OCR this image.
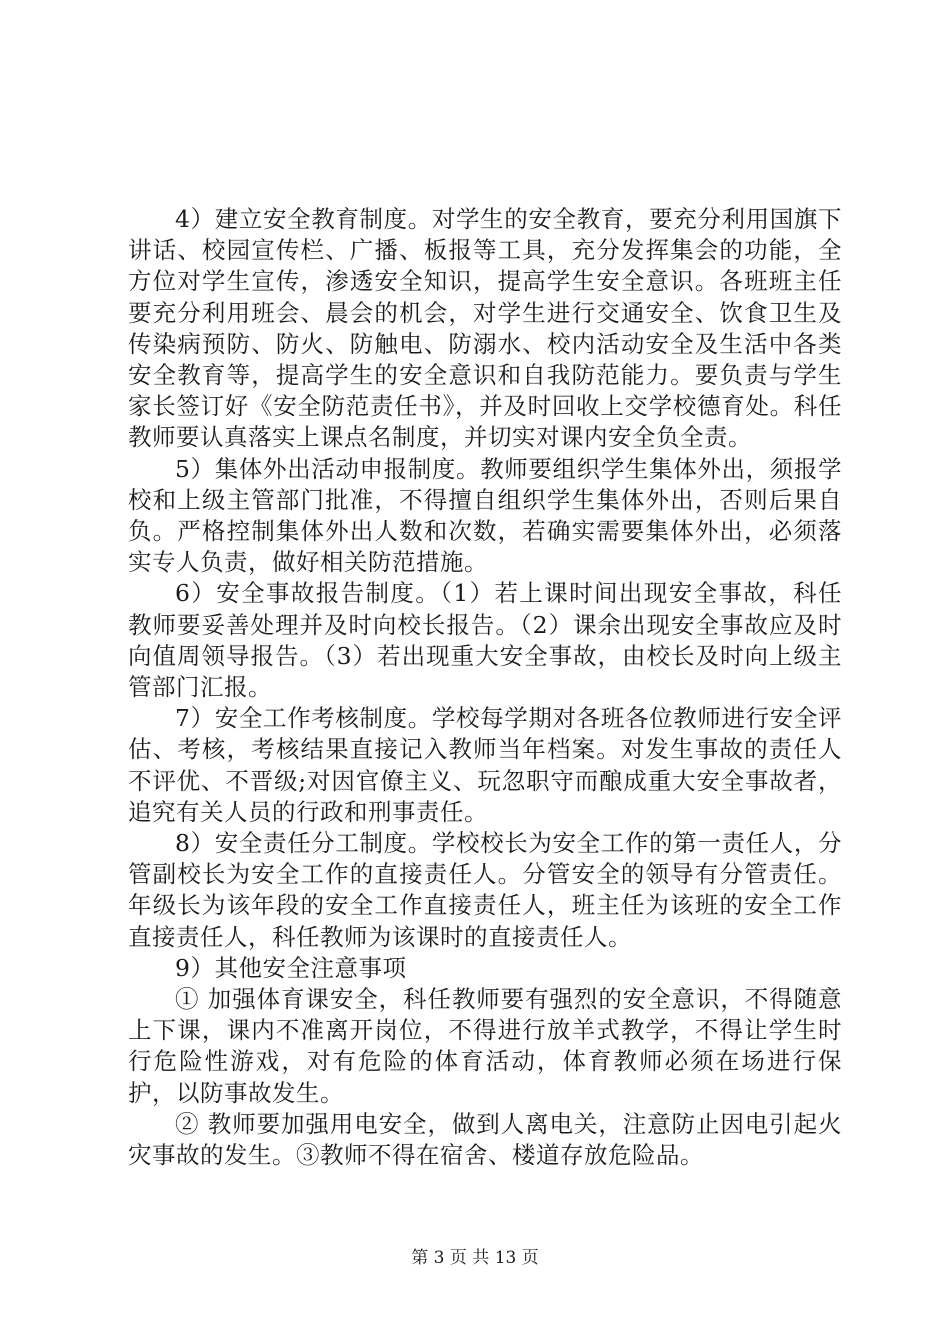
4）建立安全教育制度。对学生的安全教育，要充分利用国旗下讲话、校园宣传栏、广播、板报等工具，充分发挥集会的功能，全方位对学生宣传，渗透安全知识，提高学生安全意识。各班班主任要充分利用班会、晨会的机会，对学生进行交通安全、饮食卫生及传染病预防、防火、防触电、防溺水、校内活动安全及生活中各类安全教育等，提高学生的安全意识和自我防范能力。要负责与学生家长签订好《安全防范责任书》，并及时回收上交学校德育处。科任教师要认真落实上课点名制度，并切实对课内安全负全责。

5）集体外出活动申报制度。教师要组织学生集体外出，须报学校和上级主管部门批准，不得擅自组织学生集体外出，否则后果自负。严格控制集体外出人数和次数，若确实需要集体外出，必须落实专人负责，做好相关防范措施。

6）安全事故报告制度。（1）若上课时间出现安全事故，科任教师要妥善处理并及时向校长报告。（2）课余出现安全事故应及时向值周领导报告。（3）若出现重大安全事故，由校长及时向上级主管部门汇报。

7）安全工作考核制度。学校每学期对各班各位教师进行安全评估、考核，考核结果直接记入教师当年档案。对发生事故的责任人不评优、不晋级;对因官僚主义、玩忽职守而酿成重大安全事故者，追究有关人员的行政和刑事责任。

8）安全责任分工制度。学校校长为安全工作的第一责任人，分管副校长为安全工作的直接责任人。分管安全的领导有分管责任。年级长为该年段的安全工作直接责任人，班主任为该班的安全工作直接责任人，科任教师为该课时的直接责任人。

9）其他安全注意事项

① 加强体育课安全，科任教师要有强烈的安全意识，不得随意上下课，课内不准离开岗位，不得进行放羊式教学，不得让学生时行危险性游戏，对有危险的体育活动，体育教师必须在场进行保护，以防事故发生。

② 教师要加强用电安全，做到人离电关，注意防止因电引起火灾事故的发生。③教师不得在宿舍、楼道存放危险品。

第 3 页 共 13 页
